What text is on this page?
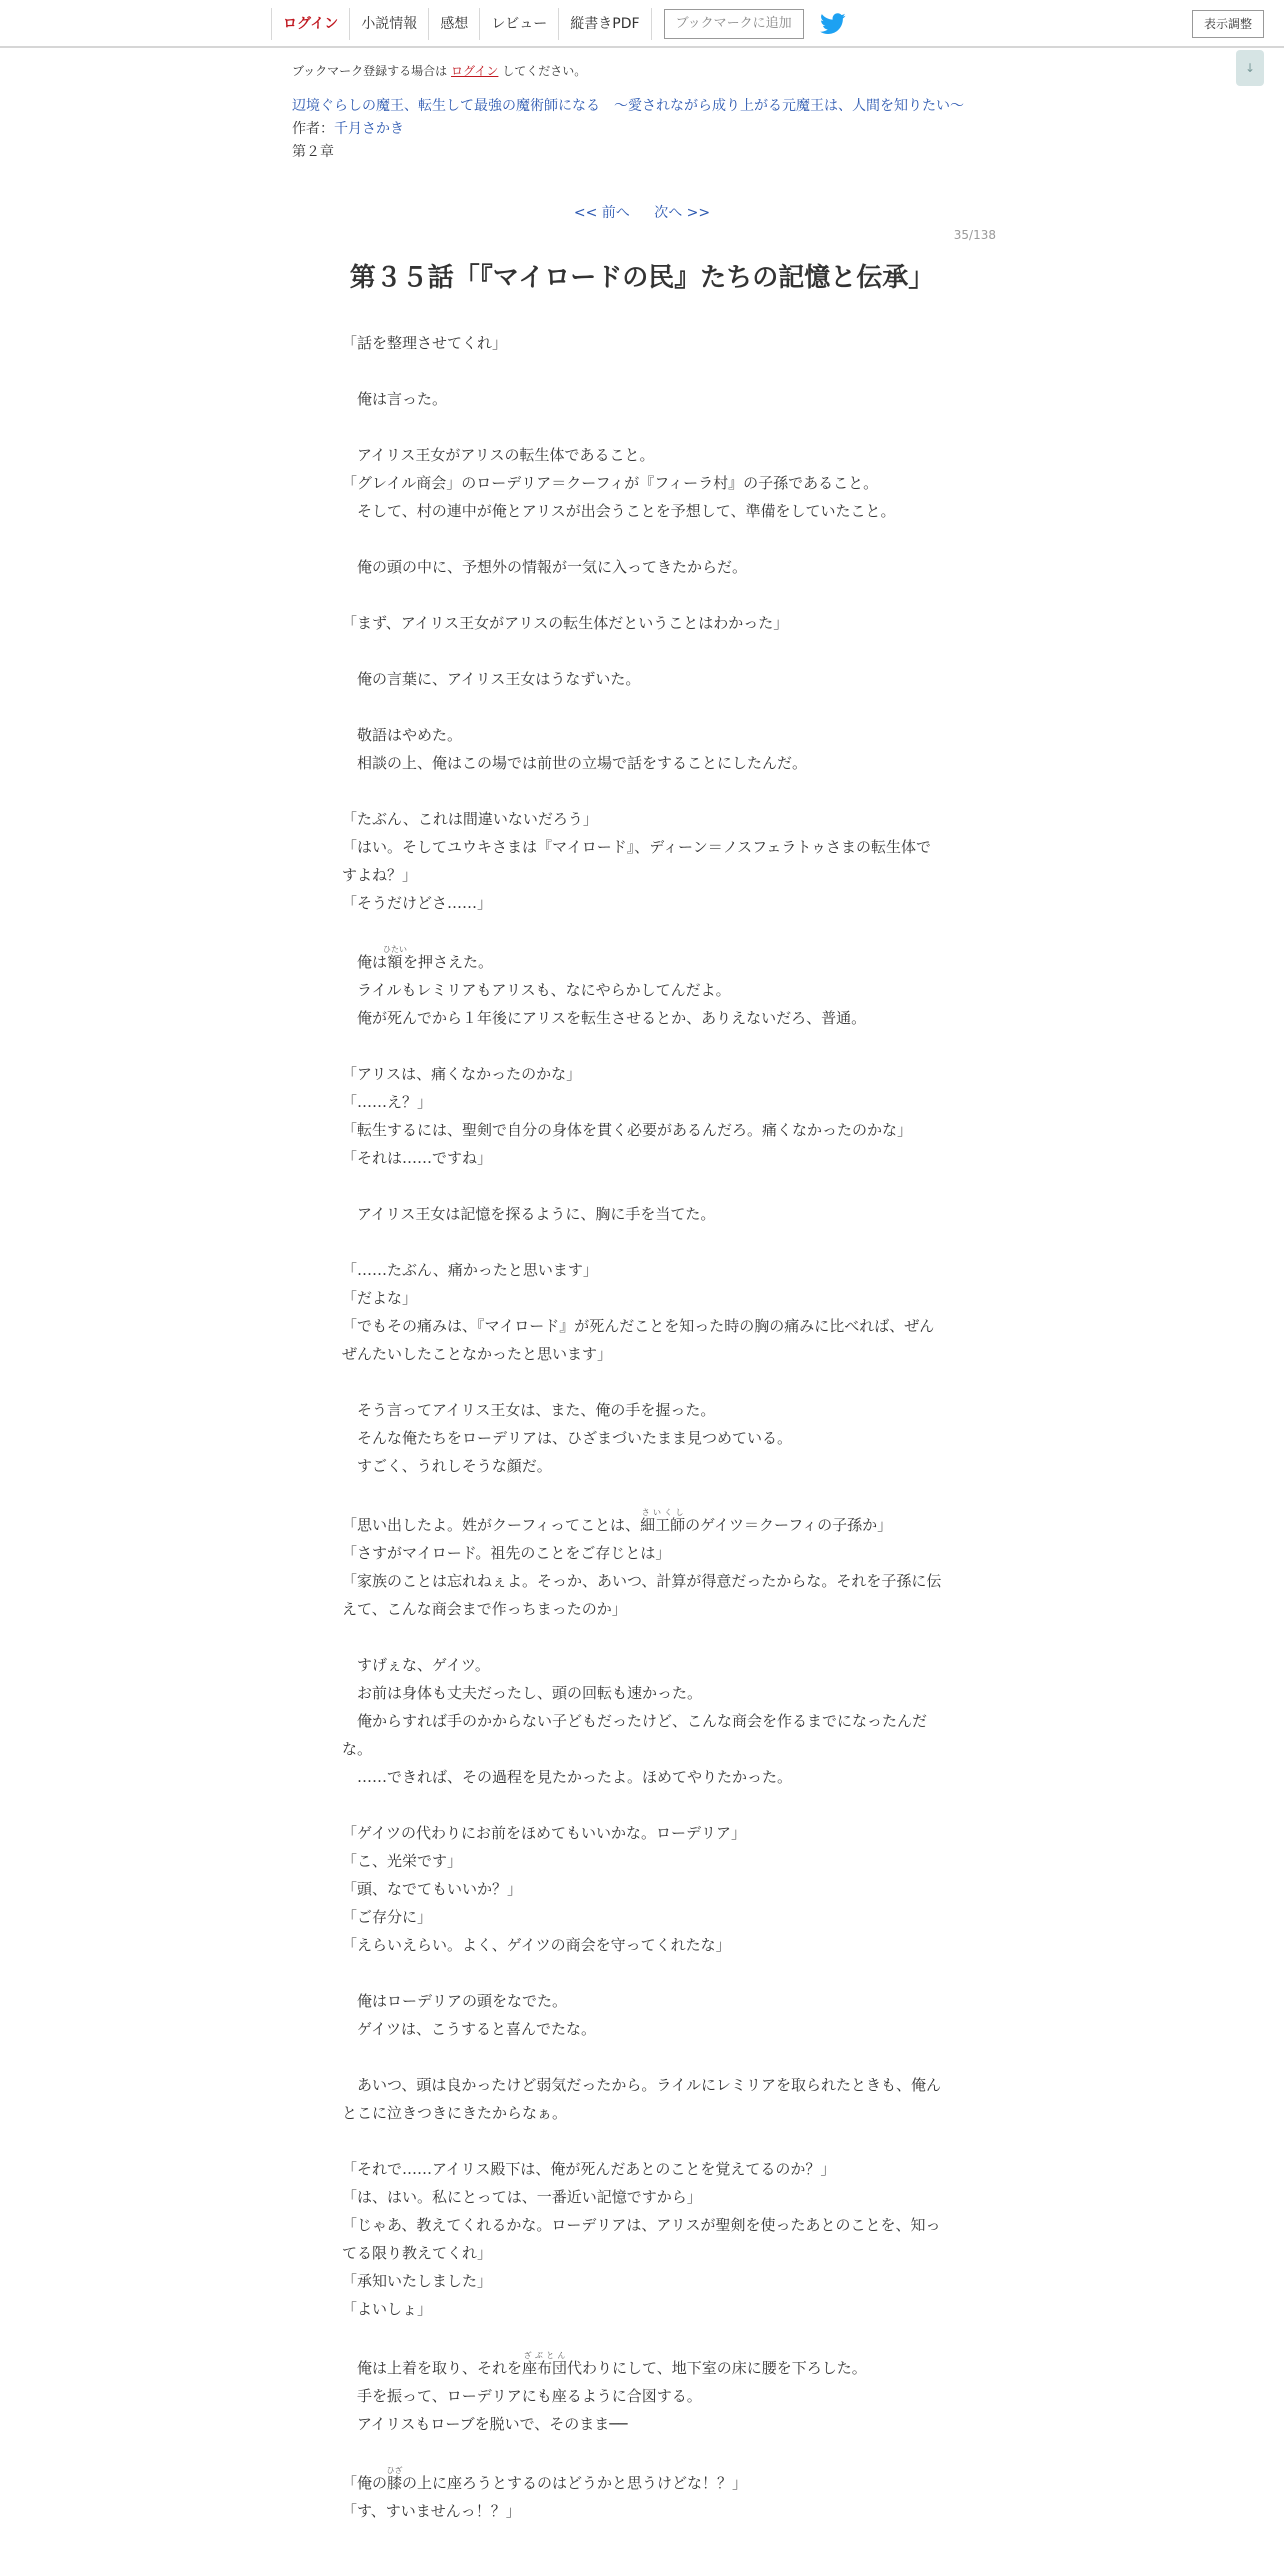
ログイン	小説情報	感想	レビュー	縦書きPDF	ブックマークに追加	表示調整
↓
ブックマーク登録する場合は ログイン してください。
辺境ぐらしの魔王、転生して最強の魔術師になる　〜愛されながら成り上がる元魔王は、人間を知りたい〜
作者：千月さかき
第２章
<< 前へ 次へ >>
35/138
第３５話「『マイロードの民』たちの記憶と伝承」

「話を整理させてくれ」

　俺は言った。

　アイリス王女がアリスの転生体であること。

「グレイル商会」のローデリア＝クーフィが『フィーラ村』の子孫であること。

　そして、村の連中が俺とアリスが出会うことを予想して、準備をしていたこと。

　俺の頭の中に、予想外の情報が一気に入ってきたからだ。

「まず、アイリス王女がアリスの転生体だということはわかった」

　俺の言葉に、アイリス王女はうなずいた。

　敬語はやめた。

　相談の上、俺はこの場では前世の立場で話をすることにしたんだ。

「たぶん、これは間違いないだろう」

「はい。そしてユウキさまは『マイロード』、ディーン＝ノスフェラトゥさまの転生体ですよね？」

「そうだけどさ……」

　俺は額ひたいを押さえた。

　ライルもレミリアもアリスも、なにやらかしてんだよ。

　俺が死んでから１年後にアリスを転生させるとか、ありえないだろ、普通。

「アリスは、痛くなかったのかな」

「……え？」

「転生するには、聖剣で自分の身体を貫く必要があるんだろ。痛くなかったのかな」

「それは……ですね」

　アイリス王女は記憶を探るように、胸に手を当てた。

「……たぶん、痛かったと思います」

「だよな」

「でもその痛みは、『マイロード』が死んだことを知った時の胸の痛みに比べれば、ぜんぜんたいしたことなかったと思います」

　そう言ってアイリス王女は、また、俺の手を握った。

　そんな俺たちをローデリアは、ひざまづいたまま見つめている。

　すごく、うれしそうな顔だ。

「思い出したよ。姓がクーフィってことは、細工師さいくしのゲイツ＝クーフィの子孫か」

「さすがマイロード。祖先のことをご存じとは」

「家族のことは忘れねぇよ。そっか、あいつ、計算が得意だったからな。それを子孫に伝えて、こんな商会まで作っちまったのか」

　すげぇな、ゲイツ。

　お前は身体も丈夫だったし、頭の回転も速かった。

　俺からすれば手のかからない子どもだったけど、こんな商会を作るまでになったんだな。

　……できれば、その過程を見たかったよ。ほめてやりたかった。

「ゲイツの代わりにお前をほめてもいいかな。ローデリア」

「こ、光栄です」

「頭、なでてもいいか？」

「ご存分に」

「えらいえらい。よく、ゲイツの商会を守ってくれたな」

　俺はローデリアの頭をなでた。

　ゲイツは、こうすると喜んでたな。

　あいつ、頭は良かったけど弱気だったから。ライルにレミリアを取られたときも、俺んとこに泣きつきにきたからなぁ。

「それで……アイリス殿下は、俺が死んだあとのことを覚えてるのか？」

「は、はい。私にとっては、一番近い記憶ですから」

「じゃあ、教えてくれるかな。ローデリアは、アリスが聖剣を使ったあとのことを、知ってる限り教えてくれ」

「承知いたしました」

「よいしょ」

　俺は上着を取り、それを座布団ざぶとん代わりにして、地下室の床に腰を下ろした。

　手を振って、ローデリアにも座るように合図する。

　アイリスもローブを脱いで、そのまま──

「俺の膝ひざの上に座ろうとするのはどうかと思うけどな！？」

「す、すいませんっ！？」
